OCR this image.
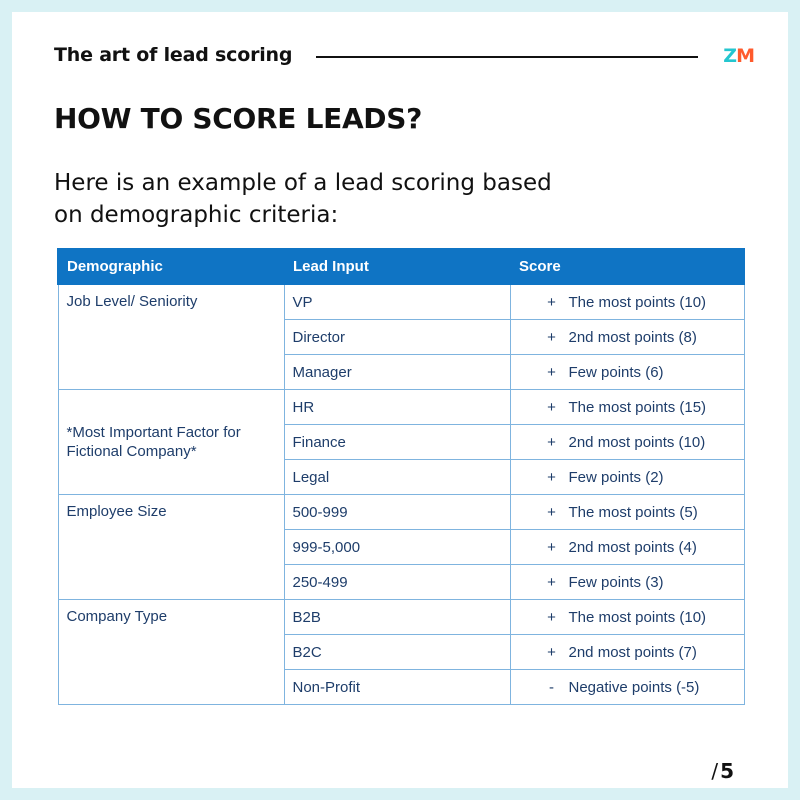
The art of lead scoring	ZM
HOW TO SCORE LEADS?
Here is an example of a lead scoring based
on demographic criteria:
Demographic	Lead Input	Score
Job Level/ Seniority	VP	+ The most points (10)
	Director	+ 2nd most points (8)
	Manager	+ Few points (6)
*Most Important Factor for Fictional Company*	HR	+ The most points (15)
	Finance	+ 2nd most points (10)
	Legal	+ Few points (2)
Employee Size	500-999	+ The most points (5)
	999-5,000	+ 2nd most points (4)
	250-499	+ Few points (3)
Company Type	B2B	+ The most points (10)
	B2C	+ 2nd most points (7)
	Non-Profit	- Negative points (-5)
/ 5
